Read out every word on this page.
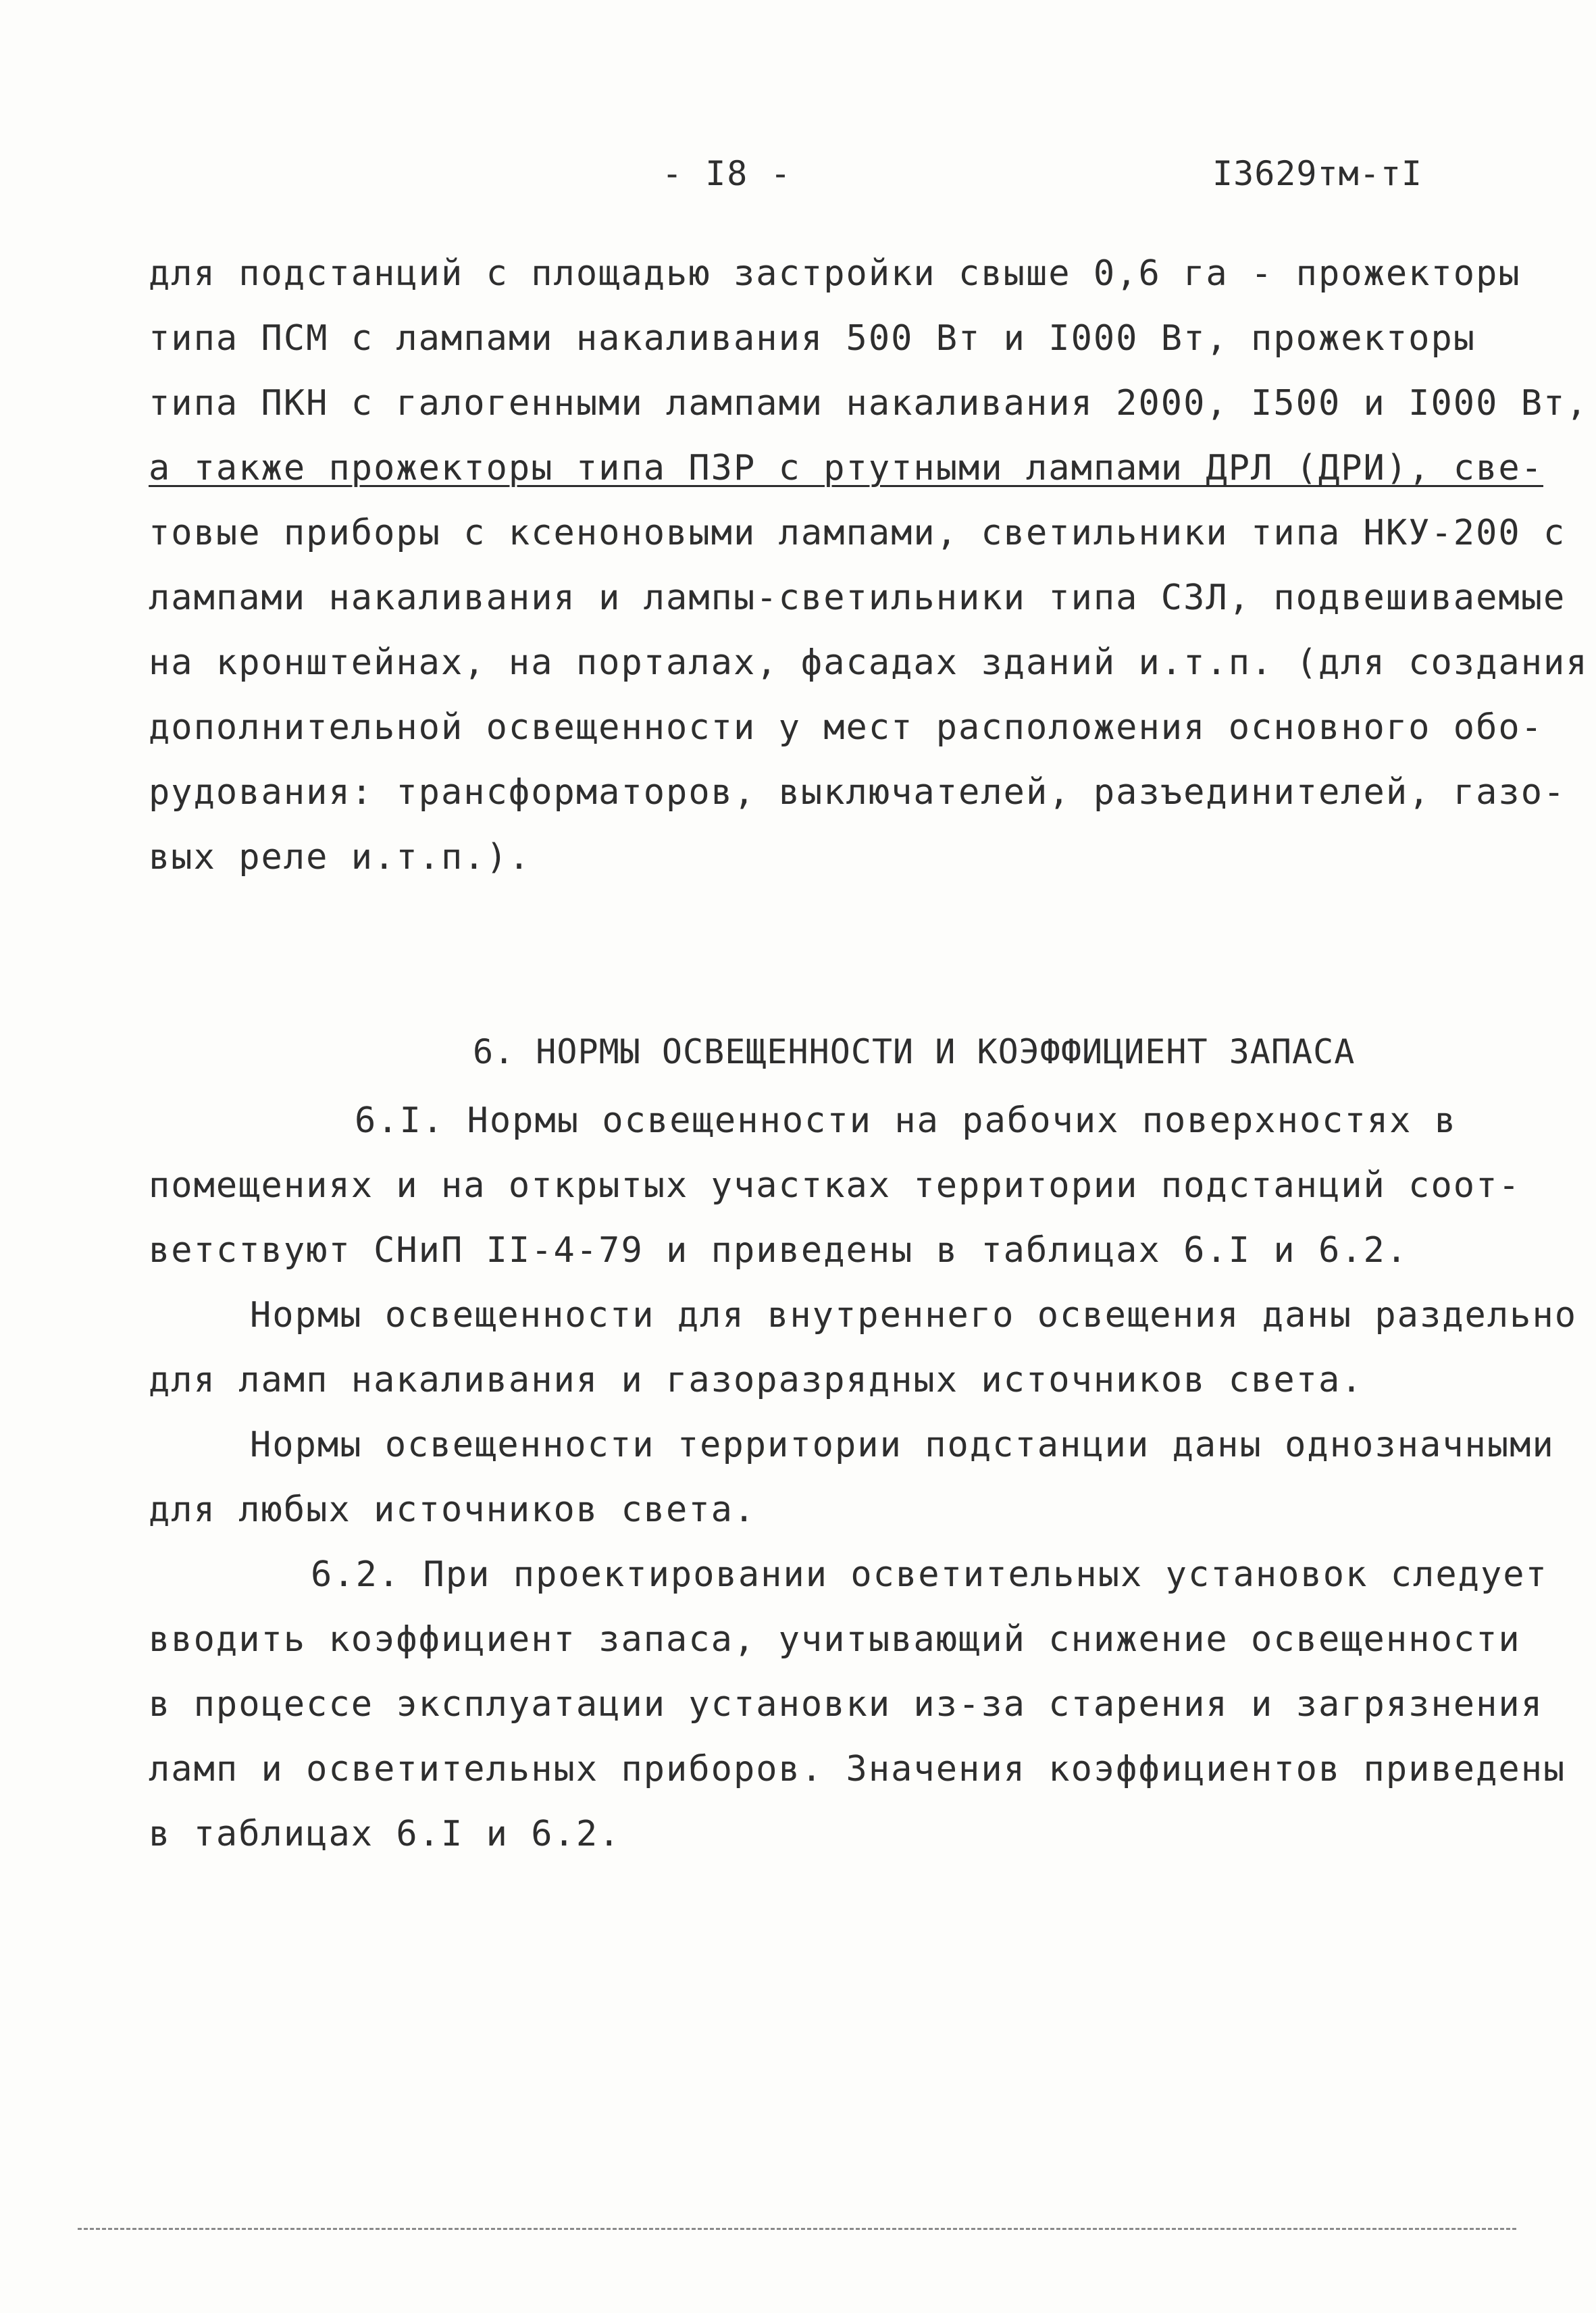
- I8 -	I3629тм-тI
для подстанций с площадью застройки свыше 0,6 га - прожекторы
типа ПСМ с лампами накаливания 500 Вт и I000 Вт, прожекторы
типа ПКН с галогенными лампами накаливания 2000, I500 и I000 Вт,
а также прожекторы типа ПЗР с ртутными лампами ДРЛ (ДРИ), све-
товые приборы с ксеноновыми лампами, светильники типа НКУ-200 с
лампами накаливания и лампы-светильники типа СЗЛ, подвешиваемые
на кронштейнах, на порталах, фасадах зданий и.т.п. (для создания
дополнительной освещенности у мест расположения основного обо-
рудования: трансформаторов, выключателей, разъединителей, газо-
вых реле и.т.п.).
6. НОРМЫ ОСВЕЩЕННОСТИ И КОЭФФИЦИЕНТ ЗАПАСА
6.I. Нормы освещенности на рабочих поверхностях в
помещениях и на открытых участках территории подстанций соот-
ветствуют СНиП II-4-79 и приведены в таблицах 6.I и 6.2.
Нормы освещенности для внутреннего освещения даны раздельно
для ламп накаливания и газоразрядных источников света.
Нормы освещенности территории подстанции даны однозначными
для любых источников света.
6.2. При проектировании осветительных установок следует
вводить коэффициент запаса, учитывающий снижение освещенности
в процессе эксплуатации установки из-за старения и загрязнения
ламп и осветительных приборов. Значения коэффициентов приведены
в таблицах 6.I и 6.2.
